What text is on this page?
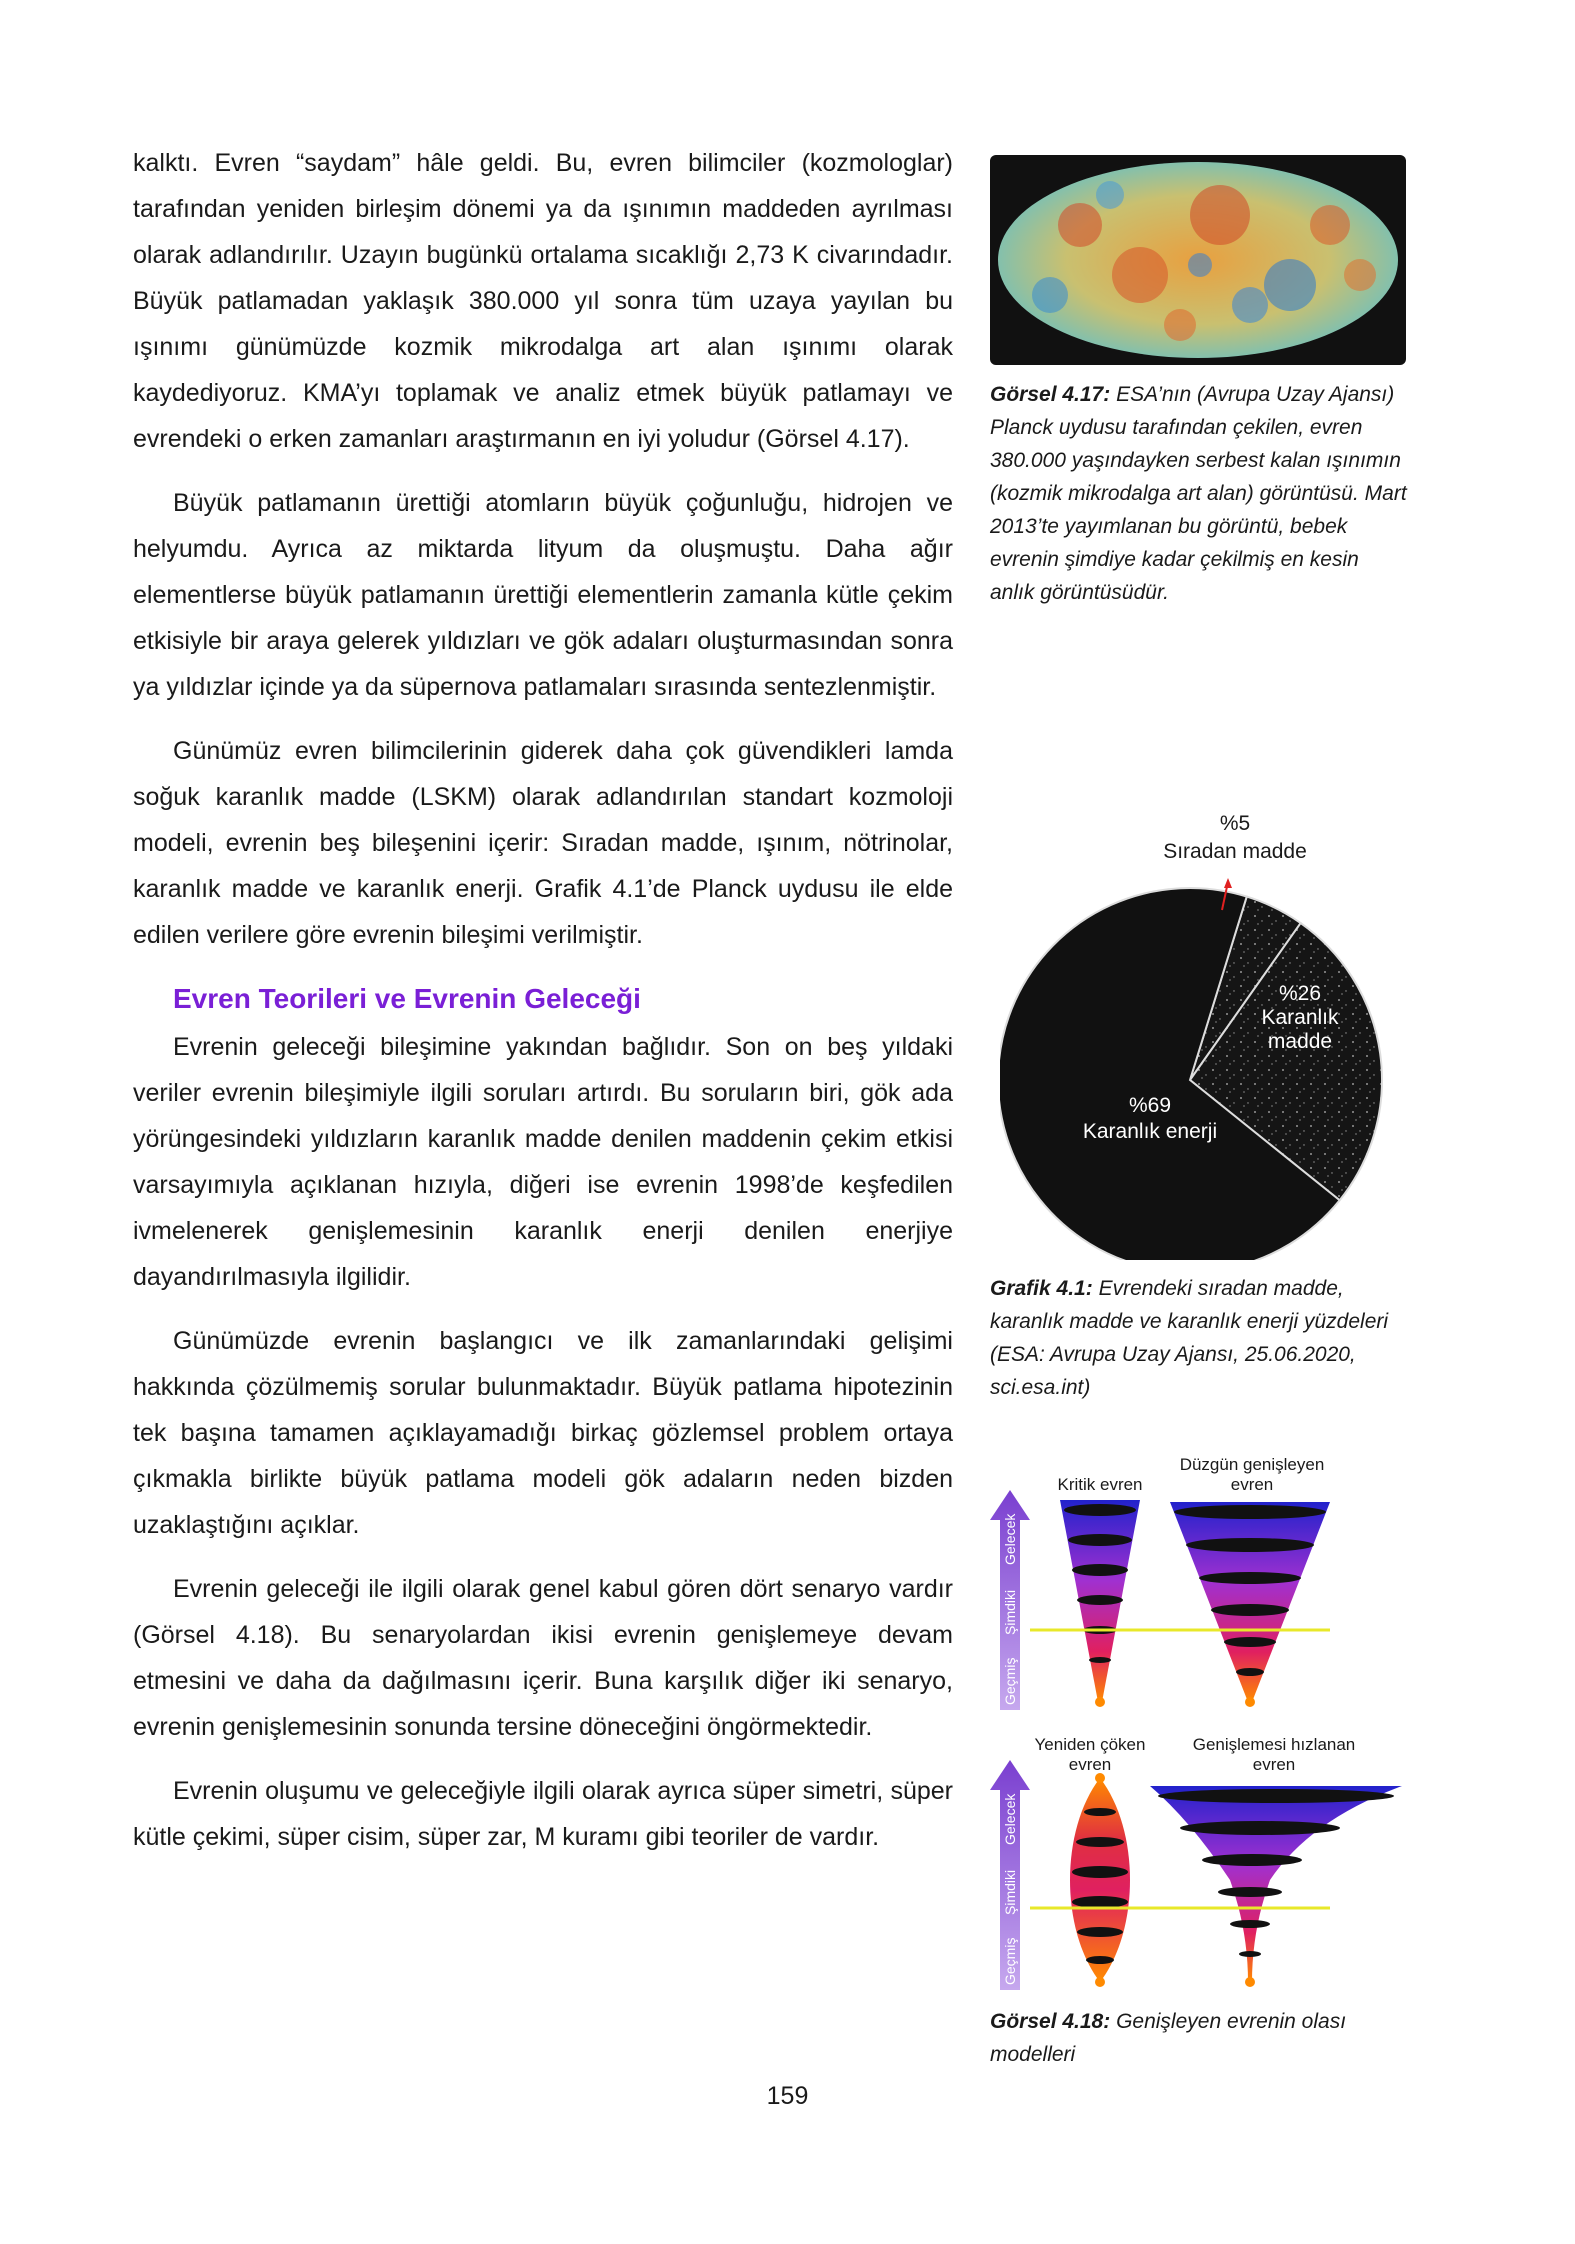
kalktı. Evren “saydam” hâle geldi. Bu, evren bilimciler (kozmologlar) tarafından yeniden birleşim dönemi ya da ışınımın maddeden ayrılması olarak adlandırılır. Uzayın bugünkü ortalama sıcaklığı 2,73 K civarındadır. Büyük patlamadan yaklaşık 380.000 yıl sonra tüm uzaya yayılan bu ışınımı günümüzde kozmik mikrodalga art alan ışınımı olarak kaydediyoruz. KMA’yı toplamak ve analiz etmek büyük patlamayı ve evrendeki o erken zamanları araştırmanın en iyi yoludur (Görsel 4.17).

Büyük patlamanın ürettiği atomların büyük çoğunluğu, hidrojen ve helyumdu. Ayrıca az miktarda lityum da oluşmuştu. Daha ağır elementlerse büyük patlamanın ürettiği elementlerin zamanla kütle çekim etkisiyle bir araya gelerek yıldızları ve gök adaları oluşturmasından sonra ya yıldızlar içinde ya da süpernova patlamaları sırasında sentezlenmiştir.

Günümüz evren bilimcilerinin giderek daha çok güvendikleri lamda soğuk karanlık madde (LSKM) olarak adlandırılan standart kozmoloji modeli, evrenin beş bileşenini içerir: Sıradan madde, ışınım, nötrinolar, karanlık madde ve karanlık enerji. Grafik 4.1’de Planck uydusu ile elde edilen verilere göre evrenin bileşimi verilmiştir.

Evren Teorileri ve Evrenin Geleceği

Evrenin geleceği bileşimine yakından bağlıdır. Son on beş yıldaki veriler evrenin bileşimiyle ilgili soruları artırdı. Bu soruların biri, gök ada yörüngesindeki yıldızların karanlık madde denilen maddenin çekim etkisi varsayımıyla açıklanan hızıyla, diğeri ise evrenin 1998’de keşfedilen ivmelenerek genişlemesinin karanlık enerji denilen enerjiye dayandırılmasıyla ilgilidir.

Günümüzde evrenin başlangıcı ve ilk zamanlarındaki gelişimi hakkında çözülmemiş sorular bulunmaktadır. Büyük patlama hipotezinin tek başına tamamen açıklayamadığı birkaç gözlemsel problem ortaya çıkmakla birlikte büyük patlama modeli gök adaların neden bizden uzaklaştığını açıklar.

Evrenin geleceği ile ilgili olarak genel kabul gören dört senaryo vardır (Görsel 4.18). Bu senaryolardan ikisi evrenin genişlemeye devam etmesini ve daha da dağılmasını içerir. Buna karşılık diğer iki senaryo, evrenin genişlemesinin sonunda tersine döneceğini öngörmektedir.

Evrenin oluşumu ve geleceğiyle ilgili olarak ayrıca süper simetri, süper kütle çekimi, süper cisim, süper zar, M kuramı gibi teoriler de vardır.

Görsel 4.17: ESA’nın (Avrupa Uzay Ajansı) Planck uydusu tarafından çekilen, evren 380.000 yaşındayken serbest kalan ışınımın (kozmik mikrodalga art alan) görüntüsü. Mart 2013’te yayımlanan bu görüntü, bebek evrenin şimdiye kadar çekilmiş en kesin anlık görüntüsüdür.
%5
Sıradan madde
%26
Karanlık
madde
%69
Karanlık enerji
Grafik 4.1: Evrendeki sıradan madde, karanlık madde ve karanlık enerji yüzdeleri (ESA: Avrupa Uzay Ajansı, 25.06.2020, sci.esa.int)
Geçmiş
Şimdiki
Gelecek
Kritik evren
Düzgün genişleyen
evren
Geçmiş
Şimdiki
Gelecek
Yeniden çöken
evren
Genişlemesi hızlanan
evren
Görsel 4.18: Genişleyen evrenin olası modelleri
159
